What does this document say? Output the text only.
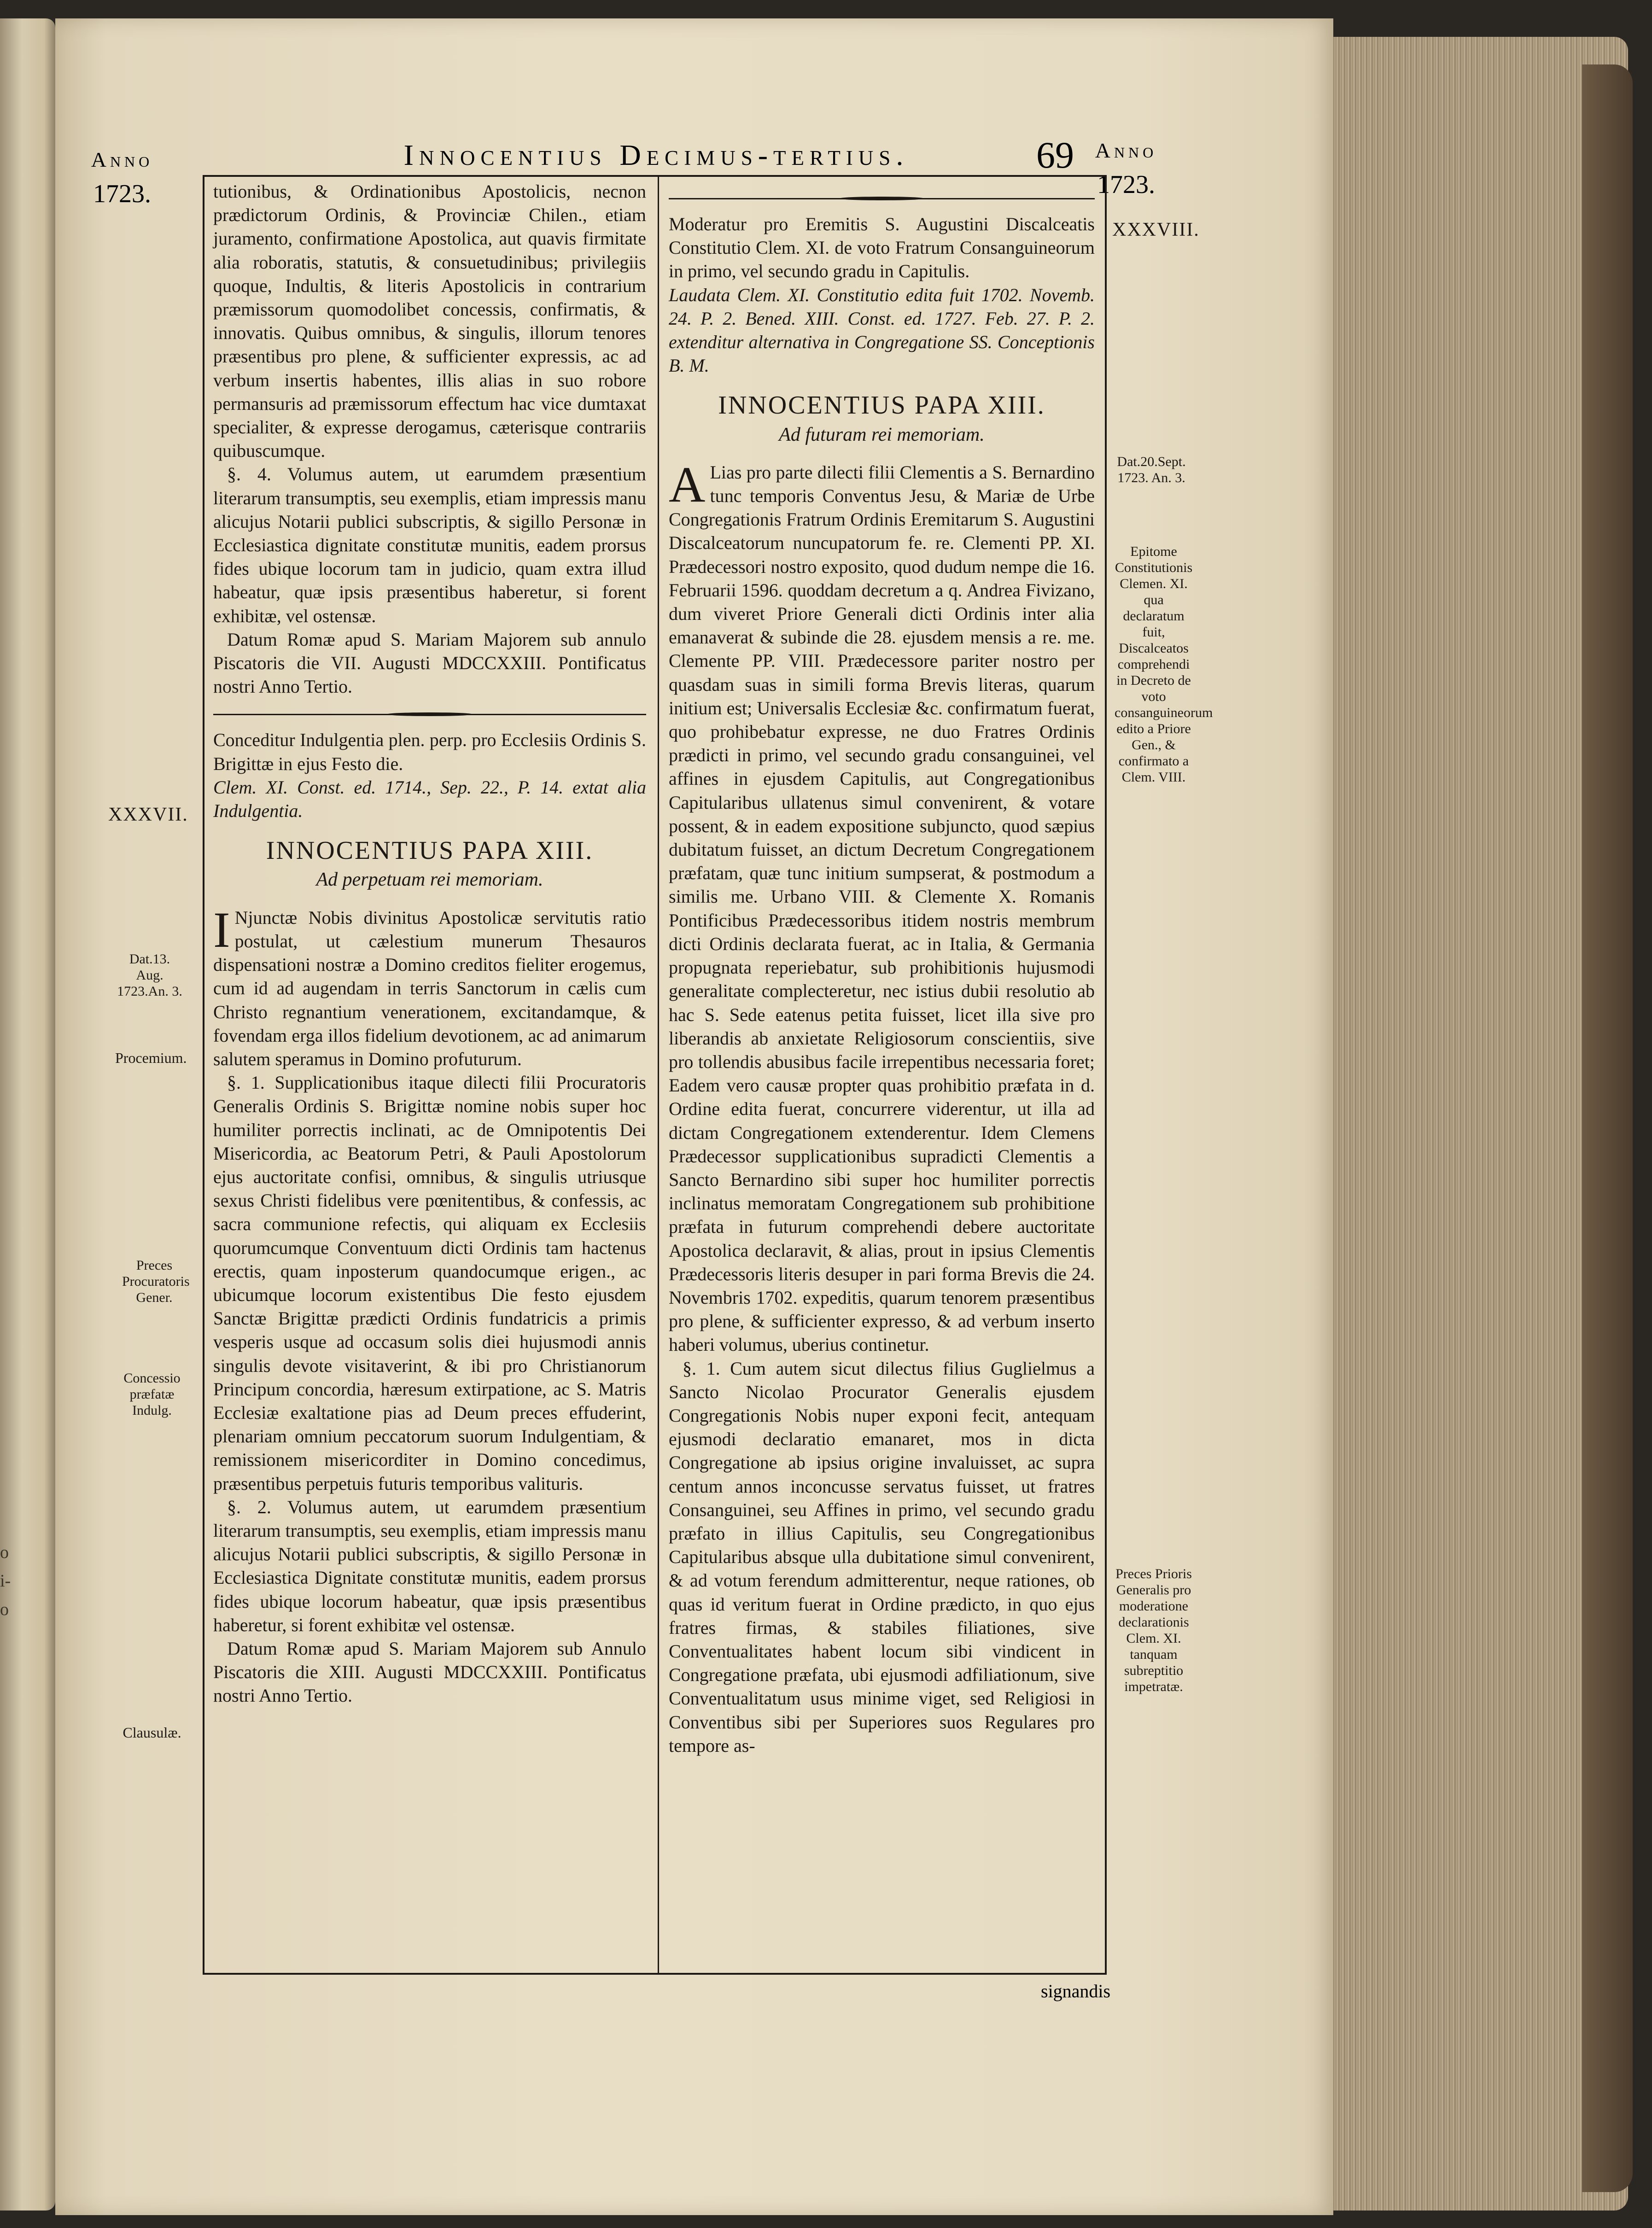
o
i-
o
Anno
1723.
Innocentius Decimus-tertius.	69 Anno
1723.
XXXVII.
Dat.13. Aug. 1723.An. 3.
Procemium.
Preces Procuratoris Gener.
Concessio præfatæ Indulg.
Clausulæ.
XXXVIII.
Dat.20.Sept. 1723. An. 3.
Epitome Constitutionis Clemen. XI. qua declaratum fuit, Discalceatos comprehendi in Decreto de voto consanguineorum edito a Priore Gen., & confirmato a Clem. VIII.
Preces Prioris Generalis pro moderatione declarationis Clem. XI. tanquam subreptitio impetratæ.

tutionibus, & Ordinationibus Apostolicis, necnon prædictorum Ordinis, & Provinciæ Chilen., etiam juramento, confirmatione Apostolica, aut quavis firmitate alia roboratis, statutis, & consuetudinibus; privilegiis quoque, Indultis, & literis Apostolicis in contrarium præmissorum quomodolibet concessis, confirmatis, & innovatis. Quibus omnibus, & singulis, illorum tenores præsentibus pro plene, & sufficienter expressis, ac ad verbum insertis habentes, illis alias in suo robore permansuris ad præmissorum effectum hac vice dumtaxat specialiter, & expresse derogamus, cæterisque contrariis quibuscumque.

§. 4. Volumus autem, ut earumdem præsentium literarum transumptis, seu exemplis, etiam impressis manu alicujus Notarii publici subscriptis, & sigillo Personæ in Ecclesiastica dignitate constitutæ munitis, eadem prorsus fides ubique locorum tam in judicio, quam extra illud habeatur, quæ ipsis præsentibus haberetur, si forent exhibitæ, vel ostensæ.

Datum Romæ apud S. Mariam Majorem sub annulo Piscatoris die VII. Augusti MDCCXXIII. Pontificatus nostri Anno Tertio.

Conceditur Indulgentia plen. perp. pro Ecclesiis Ordinis S. Brigittæ in ejus Festo die.

Clem. XI. Const. ed. 1714., Sep. 22., P. 14. extat alia Indulgentia.

INNOCENTIUS PAPA XIII.
Ad perpetuam rei memoriam.

I Njunctæ Nobis divinitus Apostolicæ servitutis ratio postulat, ut cælestium munerum Thesauros dispensationi nostræ a Domino creditos fieliter erogemus, cum id ad augendam in terris Sanctorum in cælis cum Christo regnantium venerationem, excitandamque, & fovendam erga illos fidelium devotionem, ac ad animarum salutem speramus in Domino profuturum.

§. 1. Supplicationibus itaque dilecti filii Procuratoris Generalis Ordinis S. Brigittæ nomine nobis super hoc humiliter porrectis inclinati, ac de Omnipotentis Dei Misericordia, ac Beatorum Petri, & Pauli Apostolorum ejus auctoritate confisi, omnibus, & singulis utriusque sexus Christi fidelibus vere pœnitentibus, & confessis, ac sacra communione refectis, qui aliquam ex Ecclesiis quorumcumque Conventuum dicti Ordinis tam hactenus erectis, quam inposterum quandocumque erigen., ac ubicumque locorum existentibus Die festo ejusdem Sanctæ Brigittæ prædicti Ordinis fundatricis a primis vesperis usque ad occasum solis diei hujusmodi annis singulis devote visitaverint, & ibi pro Christianorum Principum concordia, hæresum extirpatione, ac S. Matris Ecclesiæ exaltatione pias ad Deum preces effuderint, plenariam omnium peccatorum suorum Indulgentiam, & remissionem misericorditer in Domino concedimus, præsentibus perpetuis futuris temporibus valituris.

§. 2. Volumus autem, ut earumdem præsentium literarum transumptis, seu exemplis, etiam impressis manu alicujus Notarii publici subscriptis, & sigillo Personæ in Ecclesiastica Dignitate constitutæ munitis, eadem prorsus fides ubique locorum habeatur, quæ ipsis præsentibus haberetur, si forent exhibitæ vel ostensæ.

Datum Romæ apud S. Mariam Majorem sub Annulo Piscatoris die XIII. Augusti MDCCXXIII. Pontificatus nostri Anno Tertio.

Moderatur pro Eremitis S. Augustini Discalceatis Constitutio Clem. XI. de voto Fratrum Consanguineorum in primo, vel secundo gradu in Capitulis.

Laudata Clem. XI. Constitutio edita fuit 1702. Novemb. 24. P. 2. Bened. XIII. Const. ed. 1727. Feb. 27. P. 2. extenditur alternativa in Congregatione SS. Conceptionis B. M.

INNOCENTIUS PAPA XIII.
Ad futuram rei memoriam.

A Lias pro parte dilecti filii Clementis a S. Bernardino tunc temporis Conventus Jesu, & Mariæ de Urbe Congregationis Fratrum Ordinis Eremitarum S. Augustini Discalceatorum nuncupatorum fe. re. Clementi PP. XI. Prædecessori nostro exposito, quod dudum nempe die 16. Februarii 1596. quoddam decretum a q. Andrea Fivizano, dum viveret Priore Generali dicti Ordinis inter alia emanaverat & subinde die 28. ejusdem mensis a re. me. Clemente PP. VIII. Prædecessore pariter nostro per quasdam suas in simili forma Brevis literas, quarum initium est; Universalis Ecclesiæ &c. confirmatum fuerat, quo prohibebatur expresse, ne duo Fratres Ordinis prædicti in primo, vel secundo gradu consanguinei, vel affines in ejusdem Capitulis, aut Congregationibus Capitularibus ullatenus simul convenirent, & votare possent, & in eadem expositione subjuncto, quod sæpius dubitatum fuisset, an dictum Decretum Congregationem præfatam, quæ tunc initium sumpserat, & postmodum a similis me. Urbano VIII. & Clemente X. Romanis Pontificibus Prædecessoribus itidem nostris membrum dicti Ordinis declarata fuerat, ac in Italia, & Germania propugnata reperiebatur, sub prohibitionis hujusmodi generalitate complecteretur, nec istius dubii resolutio ab hac S. Sede eatenus petita fuisset, licet illa sive pro liberandis ab anxietate Religiosorum conscientiis, sive pro tollendis abusibus facile irrepentibus necessaria foret; Eadem vero causæ propter quas prohibitio præfata in d. Ordine edita fuerat, concurrere viderentur, ut illa ad dictam Congregationem extenderentur. Idem Clemens Prædecessor supplicationibus supradicti Clementis a Sancto Bernardino sibi super hoc humiliter porrectis inclinatus memoratam Congregationem sub prohibitione præfata in futurum comprehendi debere auctoritate Apostolica declaravit, & alias, prout in ipsius Clementis Prædecessoris literis desuper in pari forma Brevis die 24. Novembris 1702. expeditis, quarum tenorem præsentibus pro plene, & sufficienter expresso, & ad verbum inserto haberi volumus, uberius continetur.

§. 1. Cum autem sicut dilectus filius Guglielmus a Sancto Nicolao Procurator Generalis ejusdem Congregationis Nobis nuper exponi fecit, antequam ejusmodi declaratio emanaret, mos in dicta Congregatione ab ipsius origine invaluisset, ac supra centum annos inconcusse servatus fuisset, ut fratres Consanguinei, seu Affines in primo, vel secundo gradu præfato in illius Capitulis, seu Congregationibus Capitularibus absque ulla dubitatione simul convenirent, & ad votum ferendum admitterentur, neque rationes, ob quas id veritum fuerat in Ordine prædicto, in quo ejus fratres firmas, & stabiles filiationes, sive Conventualitates habent locum sibi vindicent in Congregatione præfata, ubi ejusmodi adfiliationum, sive Conventualitatum usus minime viget, sed Religiosi in Conventibus sibi per Superiores suos Regulares pro tempore as-

signandis
